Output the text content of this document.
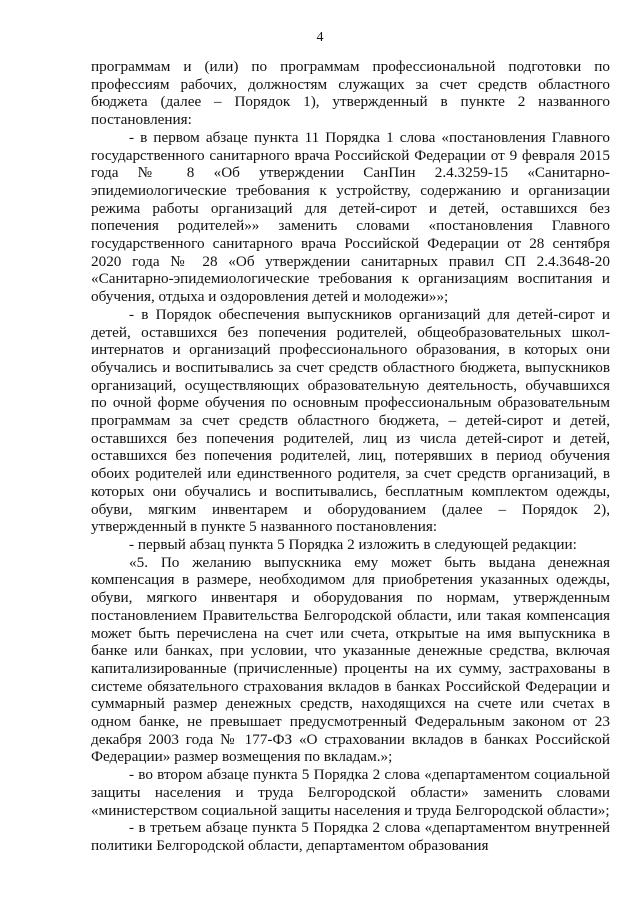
4

программам и (или) по программам профессиональной подготовки по профессиям рабочих, должностям служащих за счет средств областного бюджета (далее – Порядок 1), утвержденный в пункте 2 названного постановления:

- в первом абзаце пункта 11 Порядка 1 слова «постановления Главного государственного санитарного врача Российской Федерации от 9 февраля 2015 года № 8 «Об утверждении СанПин 2.4.3259-15 «Санитарно-эпидемиологические требования к устройству, содержанию и организации режима работы организаций для детей-сирот и детей, оставшихся без попечения родителей»» заменить словами «постановления Главного государственного санитарного врача Российской Федерации от 28 сентября 2020 года № 28 «Об утверждении санитарных правил СП 2.4.3648-20 «Санитарно-эпидемиологические требования к организациям воспитания и обучения, отдыха и оздоровления детей и молодежи»»;

- в Порядок обеспечения выпускников организаций для детей-сирот и детей, оставшихся без попечения родителей, общеобразовательных школ-интернатов и организаций профессионального образования, в которых они обучались и воспитывались за счет средств областного бюджета, выпускников организаций, осуществляющих образовательную деятельность, обучавшихся по очной форме обучения по основным профессиональным образовательным программам за счет средств областного бюджета, – детей-сирот и детей, оставшихся без попечения родителей, лиц из числа детей-сирот и детей, оставшихся без попечения родителей, лиц, потерявших в период обучения обоих родителей или единственного родителя, за счет средств организаций, в которых они обучались и воспитывались, бесплатным комплектом одежды, обуви, мягким инвентарем и оборудованием (далее – Порядок 2), утвержденный в пункте 5 названного постановления:

- первый абзац пункта 5 Порядка 2 изложить в следующей редакции:

«5. По желанию выпускника ему может быть выдана денежная компенсация в размере, необходимом для приобретения указанных одежды, обуви, мягкого инвентаря и оборудования по нормам, утвержденным постановлением Правительства Белгородской области, или такая компенсация может быть перечислена на счет или счета, открытые на имя выпускника в банке или банках, при условии, что указанные денежные средства, включая капитализированные (причисленные) проценты на их сумму, застрахованы в системе обязательного страхования вкладов в банках Российской Федерации и суммарный размер денежных средств, находящихся на счете или счетах в одном банке, не превышает предусмотренный Федеральным законом от 23 декабря 2003 года № 177-ФЗ «О страховании вкладов в банках Российской Федерации» размер возмещения по вкладам.»;

- во втором абзаце пункта 5 Порядка 2 слова «департаментом социальной защиты населения и труда Белгородской области» заменить словами «министерством социальной защиты населения и труда Белгородской области»;

- в третьем абзаце пункта 5 Порядка 2 слова «департаментом внутренней политики Белгородской области, департаментом образования
